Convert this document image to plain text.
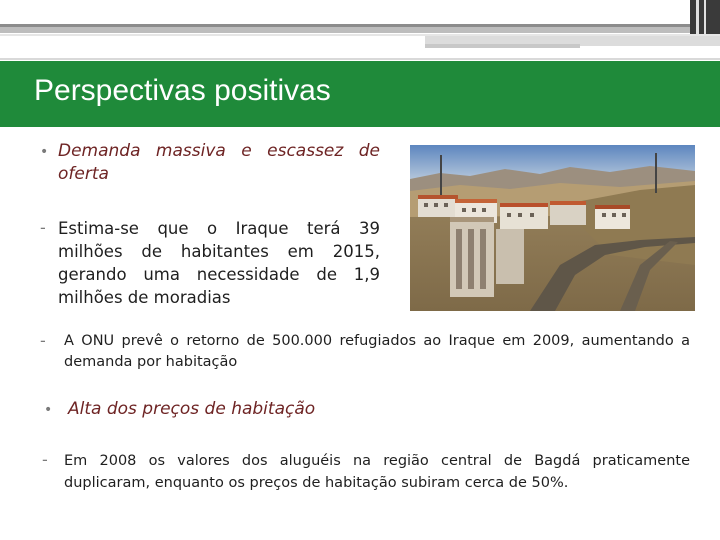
Perspectivas positivas
• Demanda massiva e escassez de oferta
- Estima-se que o Iraque terá 39 milhões de habitantes em 2015, gerando uma necessidade de 1,9 milhões de moradias
- A ONU prevê o retorno de 500.000 refugiados ao Iraque em 2009, aumentando a demanda por habitação
• Alta dos preços de habitação
- Em 2008 os valores dos aluguéis na região central de Bagdá praticamente duplicaram, enquanto os preços de habitação subiram cerca de 50%.
